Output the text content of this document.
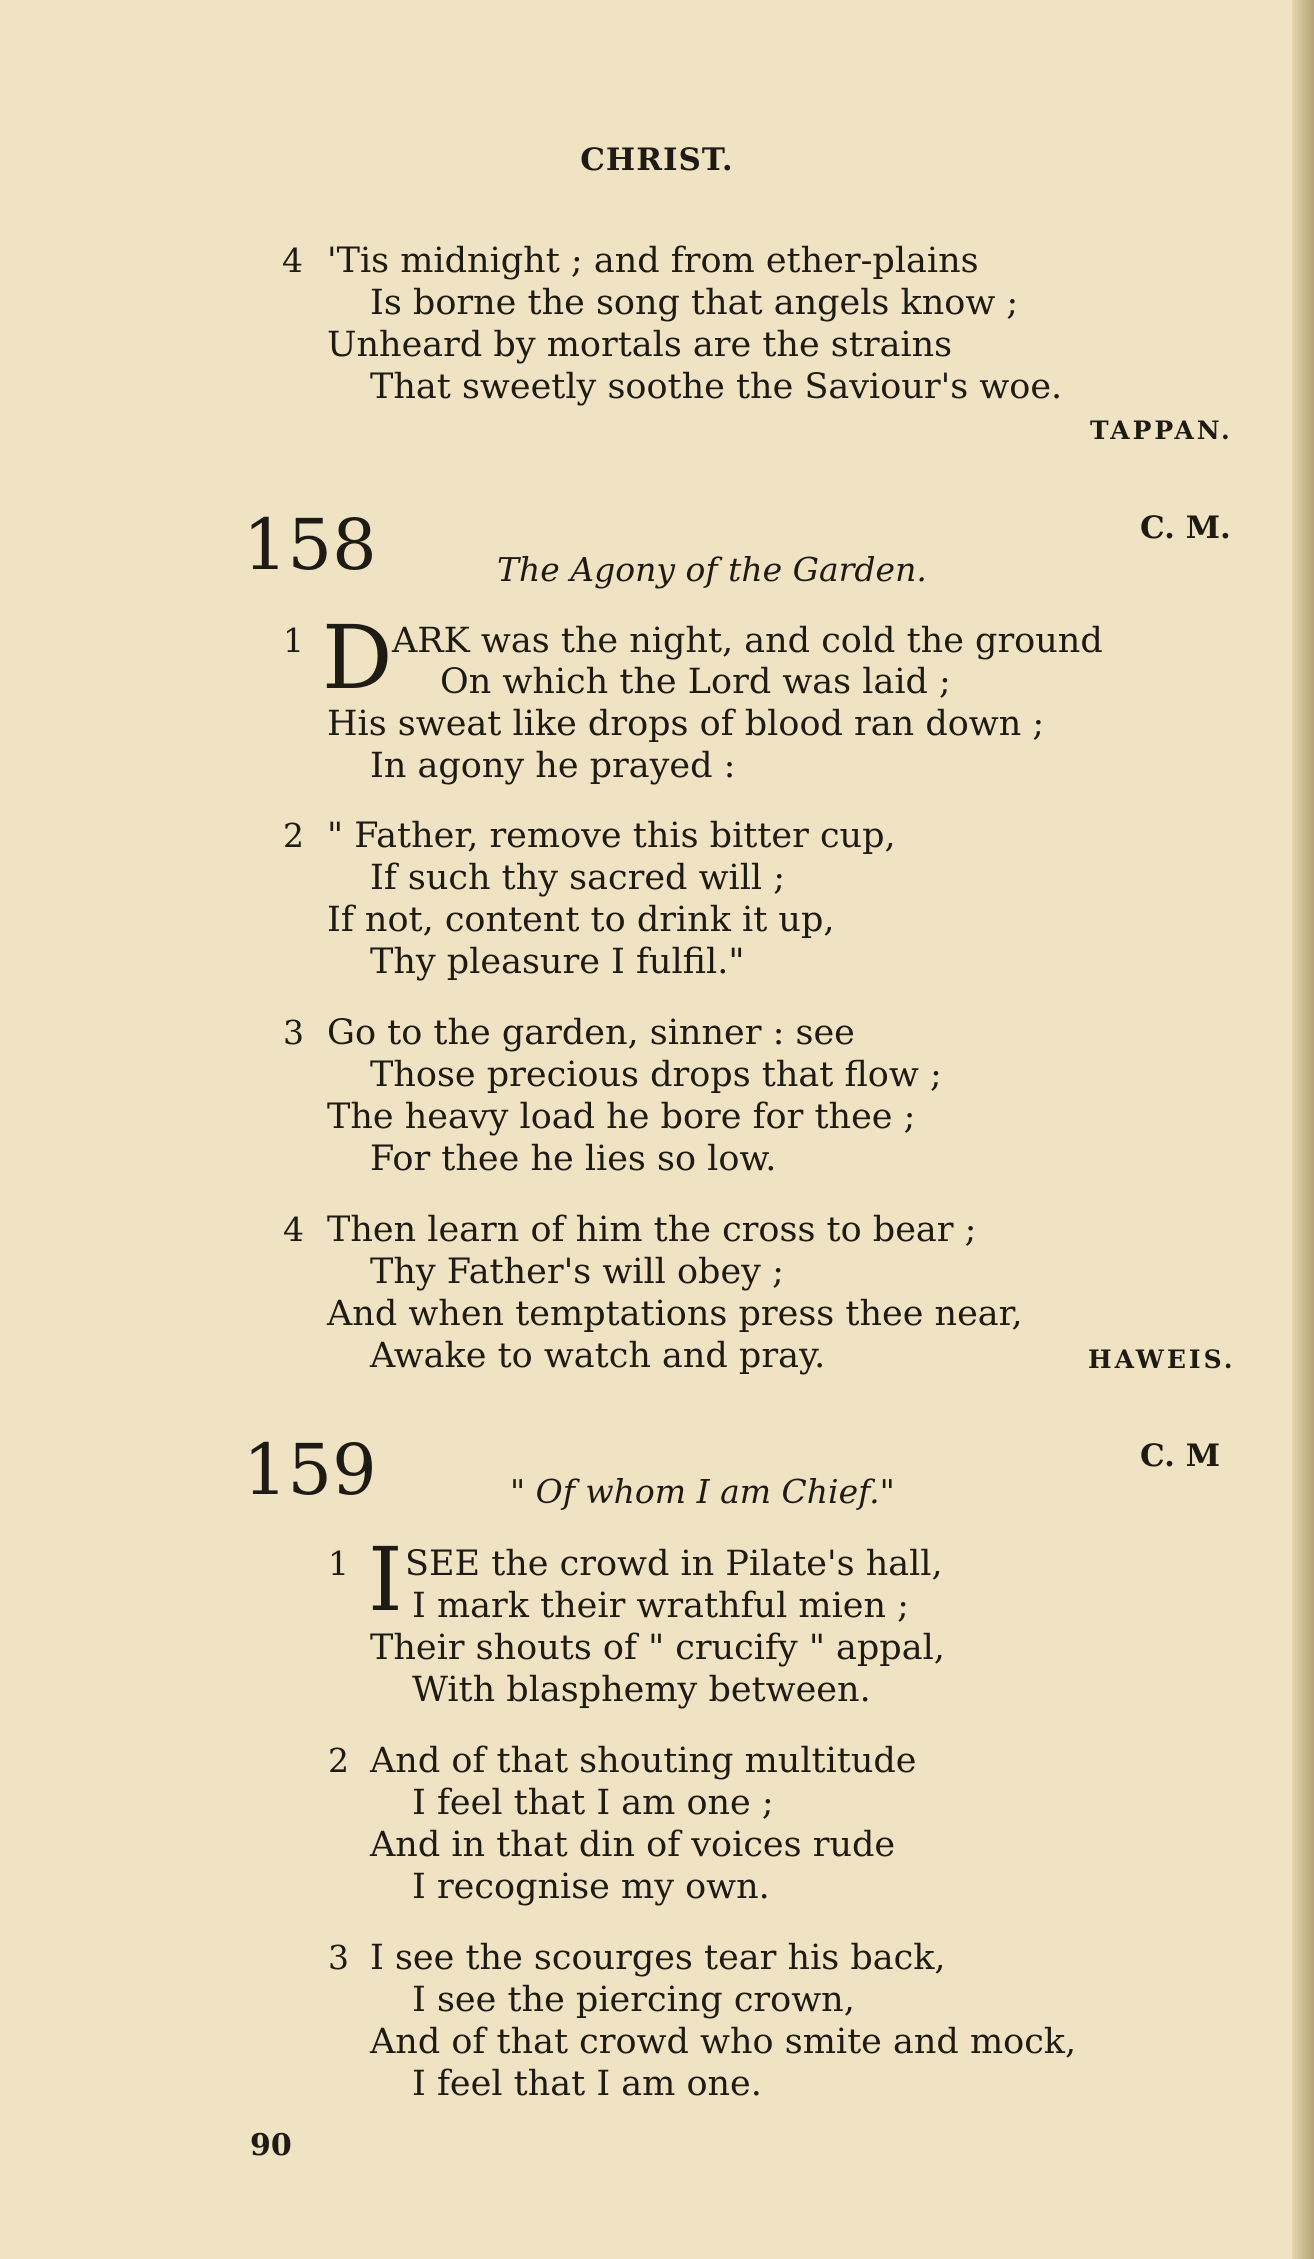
CHRIST.
4 'Tis midnight ; and from ether-plains
Is borne the song that angels know ;
Unheard by mortals are the strains
That sweetly soothe the Saviour's woe.
TAPPAN.
158	C. M.
The Agony of the Garden.
1 D ARK was the night, and cold the ground
On which the Lord was laid ;
His sweat like drops of blood ran down ;
In agony he prayed :
2 " Father, remove this bitter cup,
If such thy sacred will ;
If not, content to drink it up,
Thy pleasure I fulfil."
3 Go to the garden, sinner : see
Those precious drops that flow ;
The heavy load he bore for thee ;
For thee he lies so low.
4 Then learn of him the cross to bear ;
Thy Father's will obey ;
And when temptations press thee near,
Awake to watch and pray.	HAWEIS.
159	C. M
" Of whom I am Chief."
1 I SEE the crowd in Pilate's hall,
I mark their wrathful mien ;
Their shouts of " crucify " appal,
With blasphemy between.
2 And of that shouting multitude
I feel that I am one ;
And in that din of voices rude
I recognise my own.
3 I see the scourges tear his back,
I see the piercing crown,
And of that crowd who smite and mock,
I feel that I am one.
90
